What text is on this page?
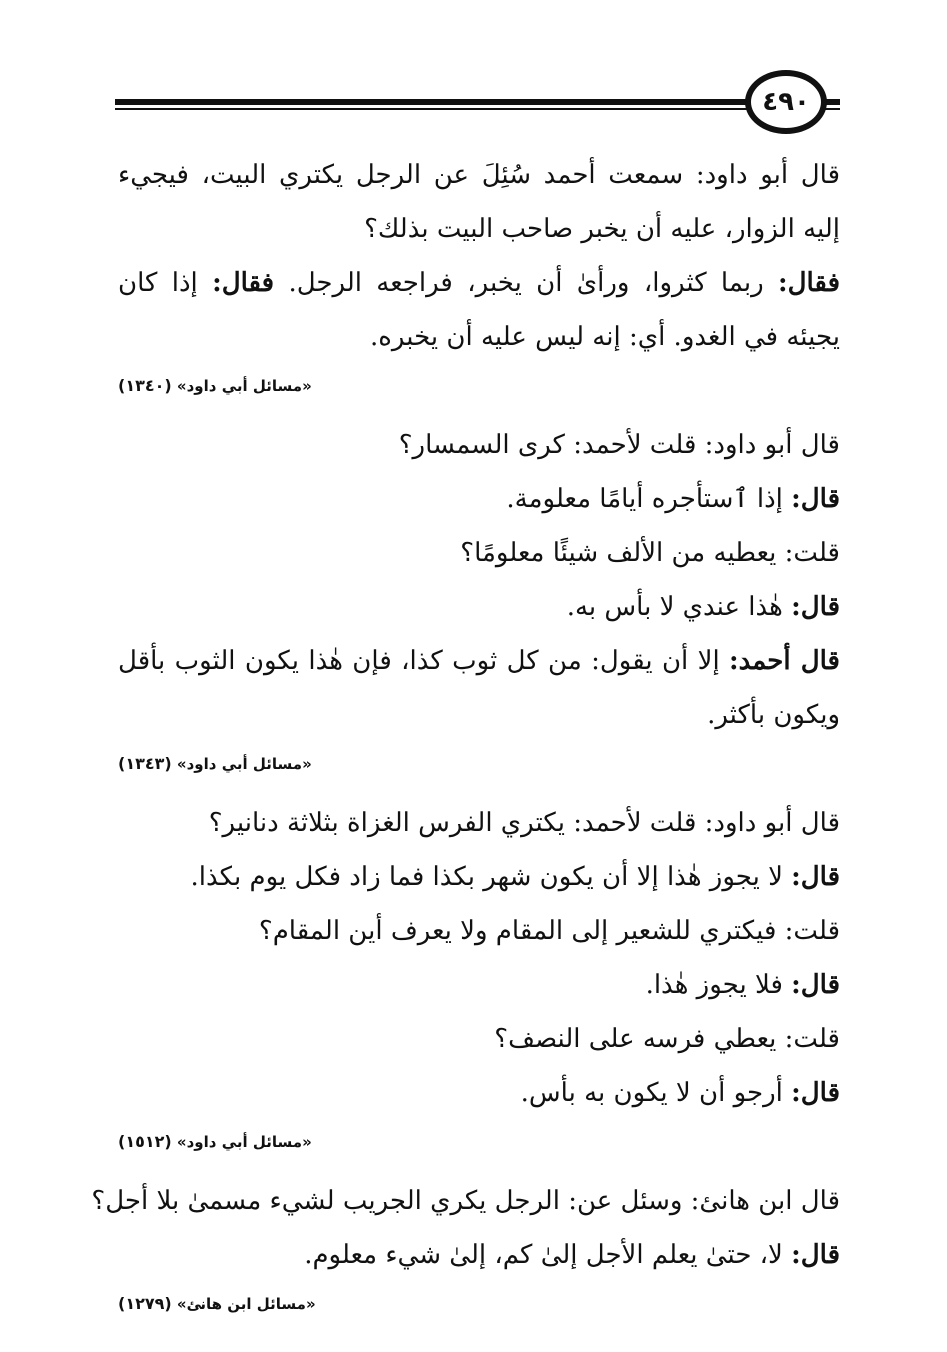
٤٩٠

قال أبو داود: سمعت أحمد سُئِلَ عن الرجل يكتري البيت، فيجيء إليه الزوار، عليه أن يخبر صاحب البيت بذلك؟

فقال: ربما كثروا، ورأىٰ أن يخبر، فراجعه الرجل. فقال: إذا كان يجيئه في الغدو. أي: إنه ليس عليه أن يخبره.

«مسائل أبي داود» (١٣٤٠)

قال أبو داود: قلت لأحمد: كرى السمسار؟

قال: إذا ٱستأجره أيامًا معلومة.

قلت: يعطيه من الألف شيئًا معلومًا؟

قال: هٰذا عندي لا بأس به.

قال أحمد: إلا أن يقول: من كل ثوب كذا، فإن هٰذا يكون الثوب بأقل ويكون بأكثر.

«مسائل أبي داود» (١٣٤٣)

قال أبو داود: قلت لأحمد: يكتري الفرس الغزاة بثلاثة دنانير؟

قال: لا يجوز هٰذا إلا أن يكون شهر بكذا فما زاد فكل يوم بكذا.

قلت: فيكتري للشعير إلى المقام ولا يعرف أين المقام؟

قال: فلا يجوز هٰذا.

قلت: يعطي فرسه على النصف؟

قال: أرجو أن لا يكون به بأس.

«مسائل أبي داود» (١٥١٢)

قال ابن هانئ: وسئل عن: الرجل يكري الجريب لشيء مسمىٰ بلا أجل؟

قال: لا، حتىٰ يعلم الأجل إلىٰ كم، إلىٰ شيء معلوم.

«مسائل ابن هانئ» (١٢٧٩)
